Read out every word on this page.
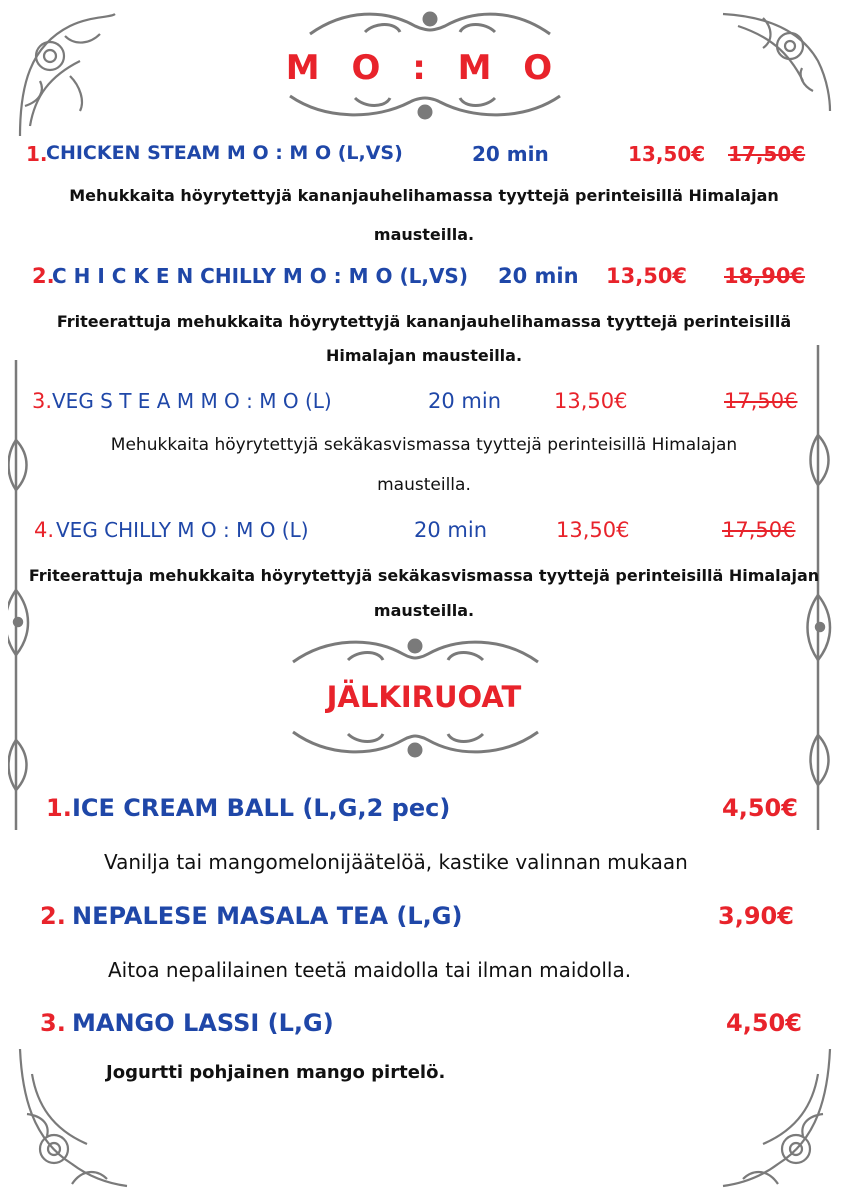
M O : M O
1.
CHICKEN STEAM M O : M O (L,VS)	20 min	13,50€ 17,50€
Mehukkaita höyrytettyjä kananjauhelihamassa tyyttejä perinteisillä Himalajan
mausteilla.
2.
C H I C K E N CHILLY M O : M O (L,VS) 20 min 13,50€ 18,90€
Friteerattuja mehukkaita höyrytettyjä kananjauhelihamassa tyyttejä perinteisillä
Himalajan mausteilla.
3. VEG S T E A M M O : M O (L)	20 min	13,50€	17,50€
Mehukkaita höyrytettyjä sekäkasvismassa tyyttejä perinteisillä Himalajan
mausteilla.
4. VEG CHILLY M O : M O (L)	20 min	13,50€	17,50€
Friteerattuja mehukkaita höyrytettyjä sekäkasvismassa tyyttejä perinteisillä Himalajan
mausteilla.
JÄLKIRUOAT
1. ICE CREAM BALL (L,G,2 pec)	4,50€
Vanilja tai mangomelonijäätelöä, kastike valinnan mukaan
2. NEPALESE MASALA TEA (L,G)	3,90€
Aitoa nepalilainen teetä maidolla tai ilman maidolla.
3. MANGO LASSI (L,G)	4,50€
Jogurtti pohjainen mango pirtelö.
